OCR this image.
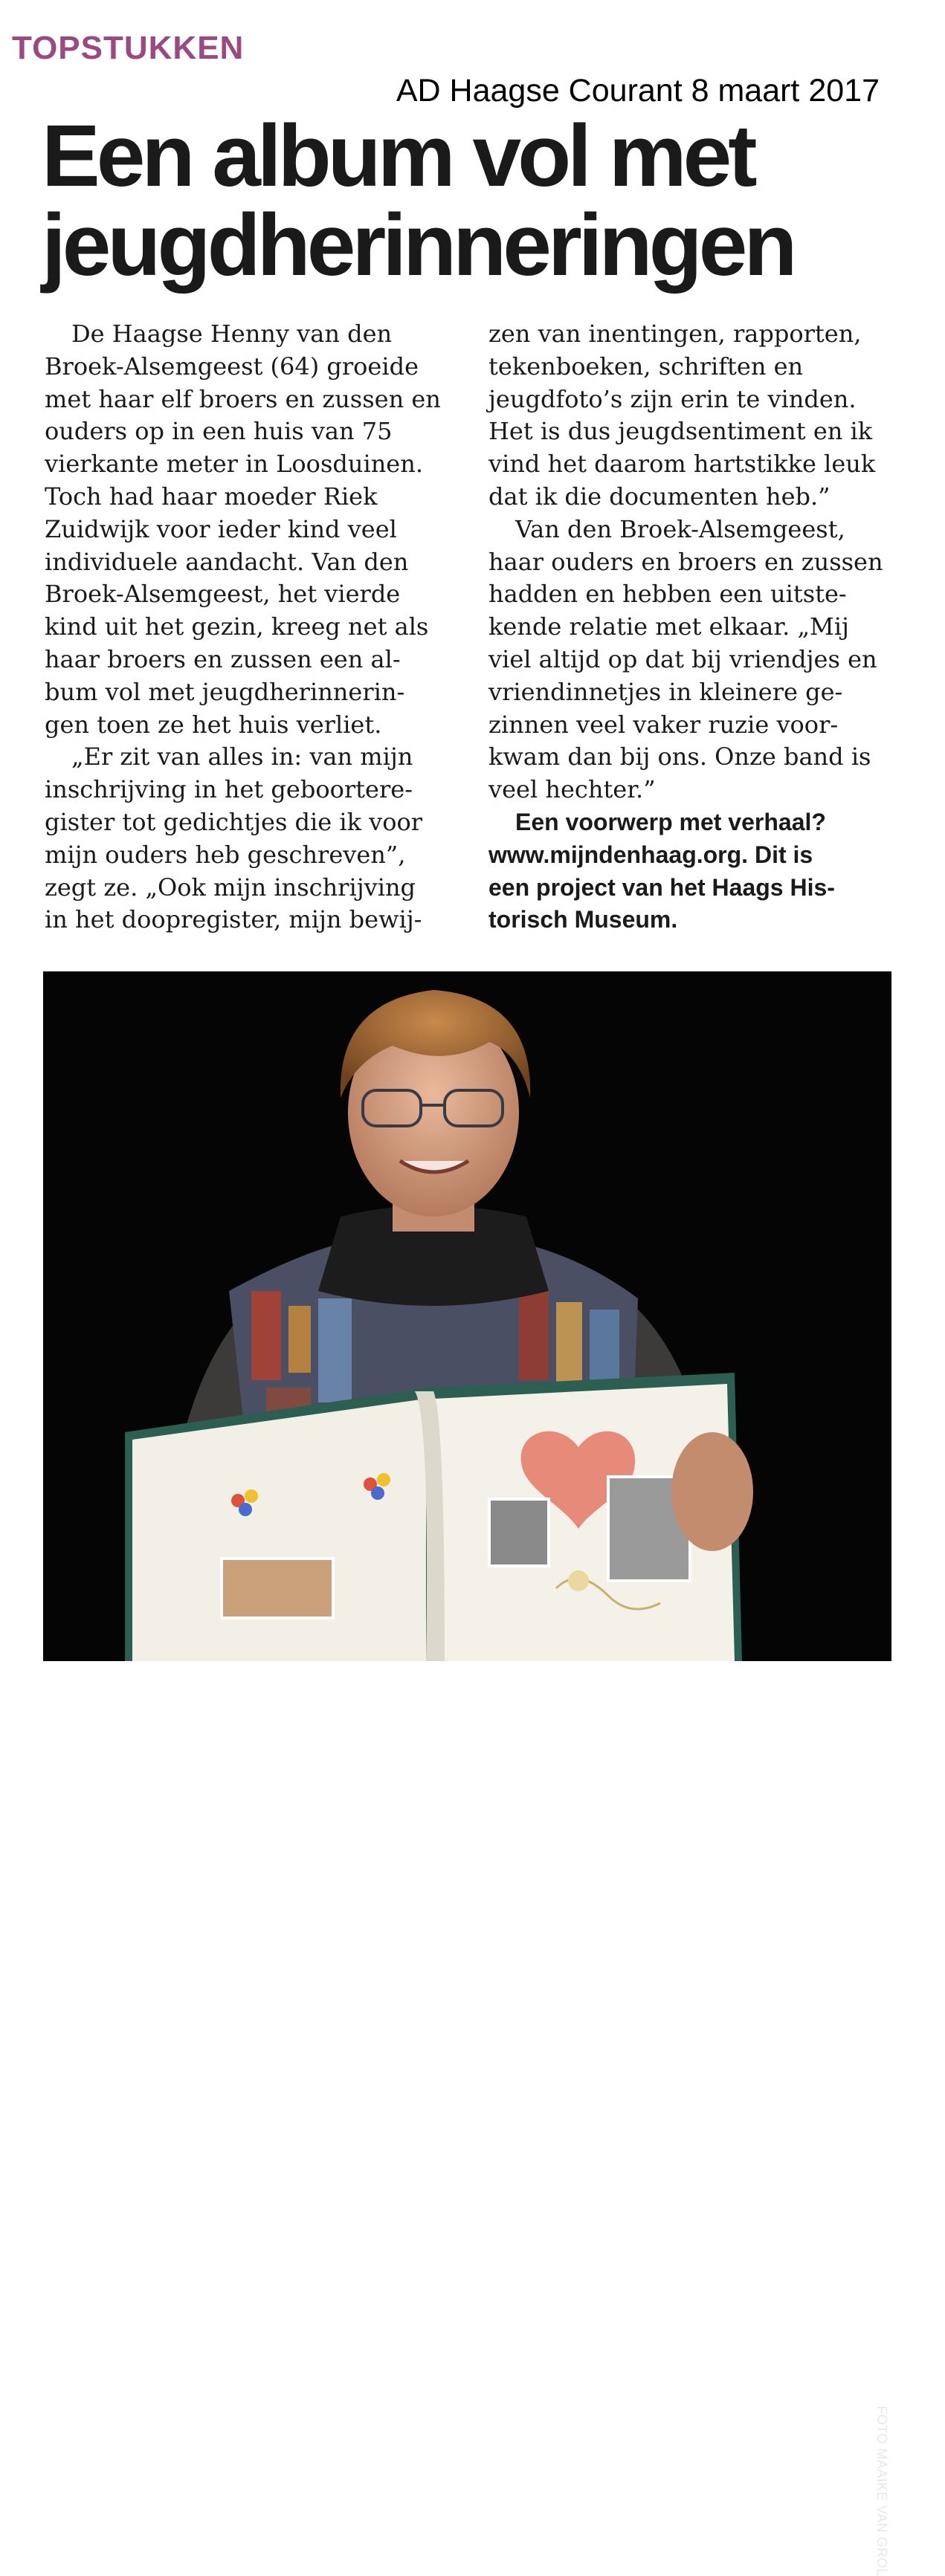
TOPSTUKKEN
AD Haagse Courant 8 maart 2017
Een album vol met
jeugdherinneringen

De Haagse Henny van den
Broek-Alsemgeest (64) groeide
met haar elf broers en zussen en
ouders op in een huis van 75
vierkante meter in Loosduinen.
Toch had haar moeder Riek
Zuidwijk voor ieder kind veel
individuele aandacht. Van den
Broek-Alsemgeest, het vierde
kind uit het gezin, kreeg net als
haar broers en zussen een al-
bum vol met jeugdherinnerin-
gen toen ze het huis verliet.

„Er zit van alles in: van mijn
inschrijving in het geboortere-
gister tot gedichtjes die ik voor
mijn ouders heb geschreven”,
zegt ze. „Ook mijn inschrijving
in het doopregister, mijn bewij-

zen van inentingen, rapporten,
tekenboeken, schriften en
jeugdfoto’s zijn erin te vinden.
Het is dus jeugdsentiment en ik
vind het daarom hartstikke leuk
dat ik die documenten heb.”

Van den Broek-Alsemgeest,
haar ouders en broers en zussen
hadden en hebben een uitste-
kende relatie met elkaar. „Mij
viel altijd op dat bij vriendjes en
vriendinnetjes in kleinere ge-
zinnen veel vaker ruzie voor-
kwam dan bij ons. Onze band is
veel hechter.”

Een voorwerp met verhaal?
www.mijndenhaag.org. Dit is
een project van het Haags His-
torisch Museum.

FOTO MAAIKE VAN GROL
